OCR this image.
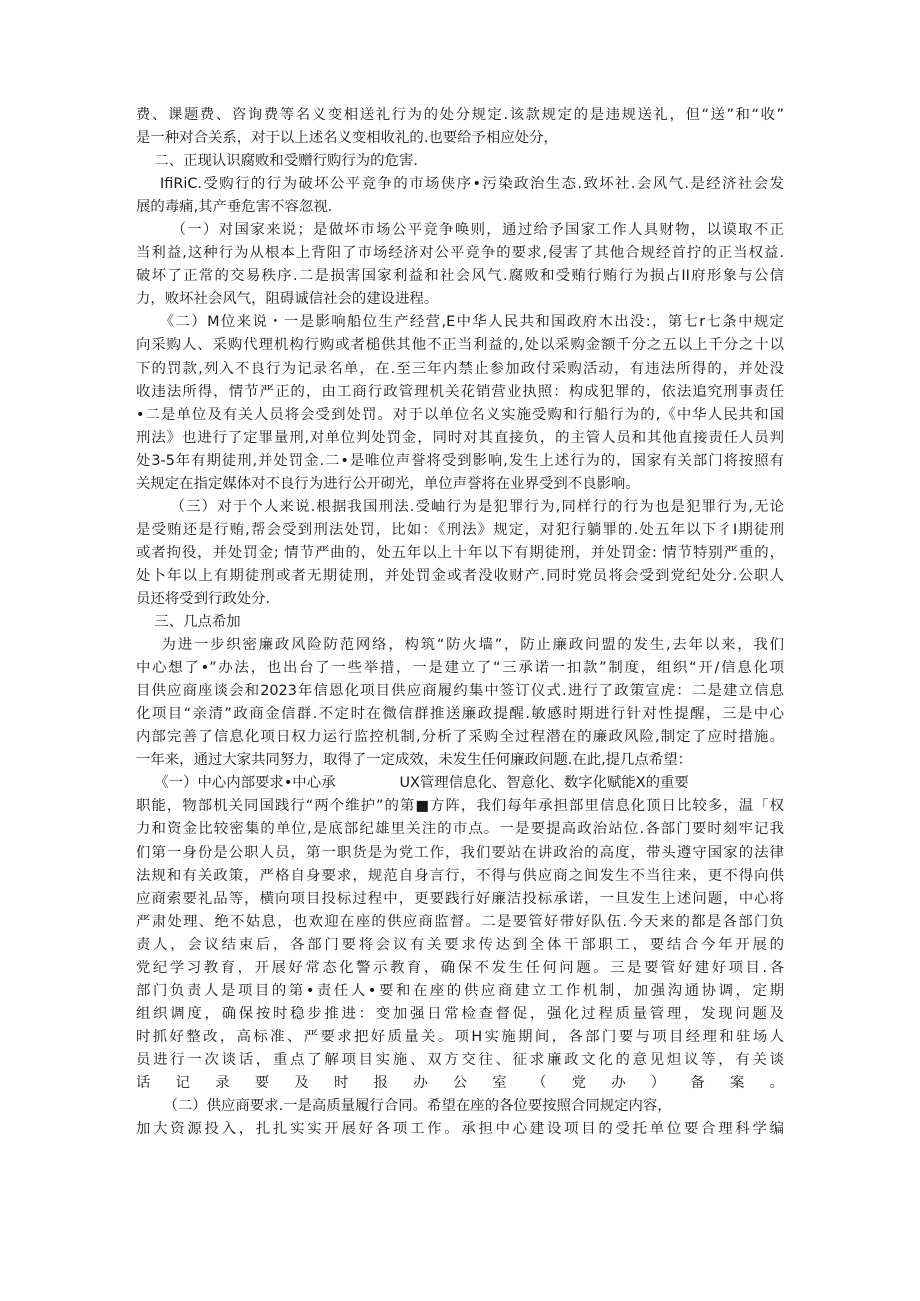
费、课题费、咨询费等名义变相送礼行为的处分规定.该款规定的是违规送礼，但“送”和“收”
是一种对合关系，对于以上述名义变相收礼的.也要给予相应处分，
二、正现认识腐败和受赠行购行为的危害.
IfiRiC.受购行的行为破坏公平竞争的市场侠序•污染政治生态.致坏社.会风气.是经济社会发
展的毒痛,其产垂危害不容忽视.
（一）对国家来说；是做坏市场公平竞争唤则，通过给予国家工作人具财物，以谟取不正
当利益,这种行为从根本上背阳了市场经济对公平竞争的要求,侵害了其他合规经首拧的正当权益.
破坏了正常的交易秩序.二是损害国家利益和社会风气.腐败和受贿行贿行为损占II府形象与公信
力，败坏社会风气，阻碍诚信社会的建设进程。
《二）M位来说・一是影响船位生产经营,E中华人民共和国政府木出没:，第七r七条中规定
向采购人、采购代理机构行购或者槌供其他不正当利益的,处以采购金额千分之五以上千分之十以
下的罚款,列入不良行为记录名单，在.至三年内禁止参加政付采购活动，有违法所得的，并处没
收违法所得，情节严正的，由工商行政管理机关花销营业执照：构成犯罪的，依法追究刑事责任
•二是单位及有关人员将会受到处罚。对于以单位名义实施受购和行船行为的,《中华人民共和国
刑法》也进行了定罪量刑,对单位判处罚金，同时对其直接负，的主管人员和其他直接责任人员判
处3-5年有期徒刑,并处罚金.二•是唯位声誉将受到影响,发生上述行为的，国家有关部门将按照有
关规定在指定媒体对不良行为进行公开砌光，单位声誉将在业界受到不良影响。
（三）对于个人来说.根据我国刑法.受岫行为是犯罪行为,同样行的行为也是犯罪行为,无论
是受贿还是行贿,帮会受到刑法处罚，比如：《刑法》规定，对犯行躺罪的.处五年以下彳I期徒刑
或者拘役，并处罚金; 情节严曲的，处五年以上十年以下有期徒刑，并处罚金: 情节特别严重的，
处卜年以上有期徒刑或者无期徒刑，并处罚金或者没收财产.同时党员将会受到党纪处分.公职人
员还将受到行政处分.
三、几点希加
为进一步织密廉政风险防范网络，构筑“防火墙”，防止廉政问盟的发生,去年以来，我们
中心想了•”办法，也出台了一些举措，一是建立了“三承诺一扣款”制度，组织“开/信息化项
目供应商座谈会和2023年信恩化项目供应商履约集中签订仪式.进行了政策宣虎：二是建立信息
化项目“亲清”政商金信群.不定时在微信群推送廉政提醒.敏感时期进行针对性提醒，三是中心
内部完善了信息化项日权力运行监控机制,分析了采购全过程潜在的廉政风险,制定了应时措施。
一年来，通过大家共同努力，取得了一定成效，未发生任何廉政问题.在此,提几点希望：
《一）中心内部要求•中心承              UX管理信息化、智意化、数字化赋能X的重要
职能，物部机关同国践行“两个维护”的第■方阵，我们每年承担部里信息化顶日比较多，温「权
力和资金比较密集的单位,是底部纪雄里关注的市点。一是要提高政治站位.各部门要时刻牢记我
们第一身份是公职人员，第一职货是为党工作，我们要站在讲政治的高度，带头遵守国家的法律
法规和有关政策，严格自身要求，规范自身言行，不得与供应商之间发生不当往来，更不得向供
应商索要礼品等，横向项目投标过程中，更要践行好廉洁投标承诺，一旦发生上述问题，中心将
严肃处理、绝不姑息，也欢迎在座的供应商监督。二是要管好带好队伍.今天来的都是各部门负
责人，会议结束后，各部门要将会议有关要求传达到全体干部职工，要结合今年开展的
党纪学习教育，开展好常态化警示教育，确保不发生任何问题。三是要管好建好项目.各
部门负责人是项目的第•责任人•要和在座的供应商建立工作机制，加强沟通协调，定期
组织调度，确保按时稳步推进：变加强日常检查督促，强化过程质量管理，发现问题及
时抓好整改，高标准、严要求把好质量关。项H实施期间，各部门要与项目经理和驻场人
员进行一次谈话，重点了解项目实施、双方交往、征求廉政文化的意见炟议等，有关谈
话记录要及时报办公室（党办）备案。
（二）供应商要求.一是高质量履行合同。希望在座的各位要按照合同规定内容，
加大资源投入，扎扎实实开展好各项工作。承担中心建设项目的受托单位要合理科学编
